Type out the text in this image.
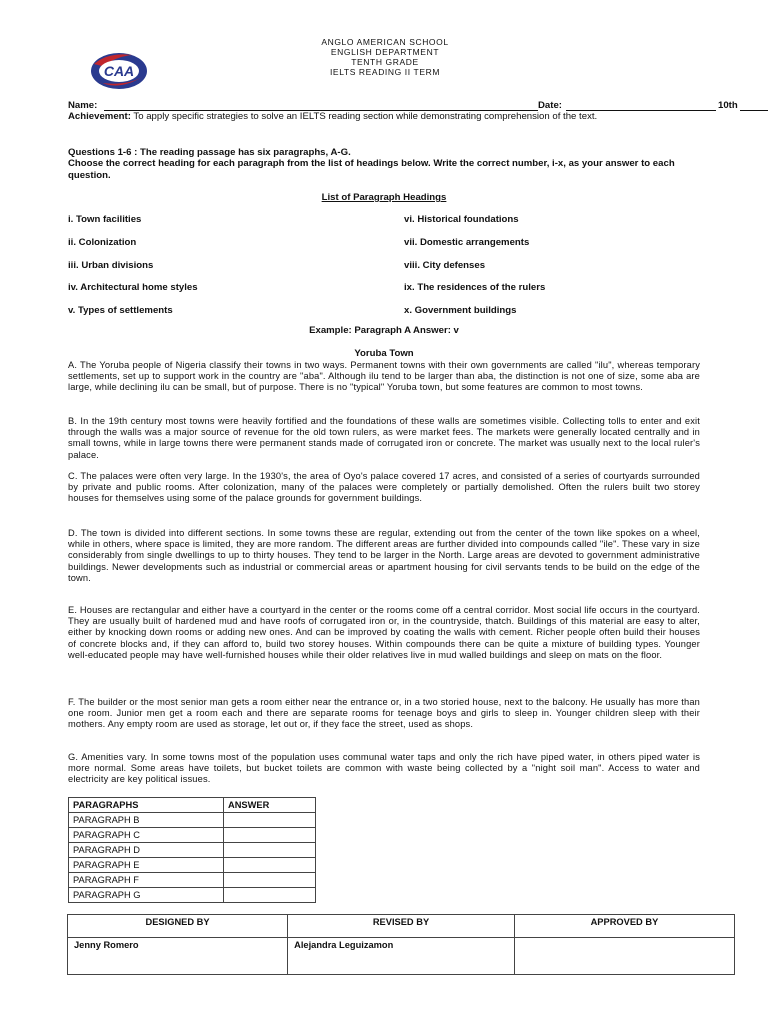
CAA
ANGLO AMERICAN SCHOOL
ENGLISH DEPARTMENT
TENTH GRADE
IELTS READING II TERM
Name:	Date:	10th
Achievement: To apply specific strategies to solve an IELTS reading section while demonstrating comprehension of the text.
Questions 1-6 : The reading passage has six paragraphs, A-G.
Choose the correct heading for each paragraph from the list of headings below. Write the correct number, i-x, as your answer to each question.
List of Paragraph Headings
i. Town facilities
ii. Colonization
iii. Urban divisions
iv. Architectural home styles
v. Types of settlements
vi. Historical foundations
vii. Domestic arrangements
viii. City defenses
ix. The residences of the rulers
x. Government buildings
Example: Paragraph A Answer: v
Yoruba Town
A. The Yoruba people of Nigeria classify their towns in two ways. Permanent towns with their own governments are called "ilu", whereas temporary settlements, set up to support work in the country are "aba". Although ilu tend to be larger than aba, the distinction is not one of size, some aba are large, while declining ilu can be small, but of purpose. There is no "typical" Yoruba town, but some features are common to most towns.
B. In the 19th century most towns were heavily fortified and the foundations of these walls are sometimes visible. Collecting tolls to enter and exit through the walls was a major source of revenue for the old town rulers, as were market fees. The markets were generally located centrally and in small towns, while in large towns there were permanent stands made of corrugated iron or concrete. The market was usually next to the local ruler's palace.
C. The palaces were often very large. In the 1930's, the area of Oyo's palace covered 17 acres, and consisted of a series of courtyards surrounded by private and public rooms. After colonization, many of the palaces were completely or partially demolished. Often the rulers built two storey houses for themselves using some of the palace grounds for government buildings.
D. The town is divided into different sections. In some towns these are regular, extending out from the center of the town like spokes on a wheel, while in others, where space is limited, they are more random. The different areas are further divided into compounds called "ile". These vary in size considerably from single dwellings to up to thirty houses. They tend to be larger in the North. Large areas are devoted to government administrative buildings. Newer developments such as industrial or commercial areas or apartment housing for civil servants tends to be build on the edge of the town.
E. Houses are rectangular and either have a courtyard in the center or the rooms come off a central corridor. Most social life occurs in the courtyard. They are usually built of hardened mud and have roofs of corrugated iron or, in the countryside, thatch. Buildings of this material are easy to alter, either by knocking down rooms or adding new ones. And can be improved by coating the walls with cement. Richer people often build their houses of concrete blocks and, if they can afford to, build two storey houses. Within compounds there can be quite a mixture of building types. Younger well-educated people may have well-furnished houses while their older relatives live in mud walled buildings and sleep on mats on the floor.
F. The builder or the most senior man gets a room either near the entrance or, in a two storied house, next to the balcony. He usually has more than one room. Junior men get a room each and there are separate rooms for teenage boys and girls to sleep in. Younger children sleep with their mothers. Any empty room are used as storage, let out or, if they face the street, used as shops.
G. Amenities vary. In some towns most of the population uses communal water taps and only the rich have piped water, in others piped water is more normal. Some areas have toilets, but bucket toilets are common with waste being collected by a "night soil man". Access to water and electricity are key political issues.
PARAGRAPHS	ANSWER
PARAGRAPH B	
PARAGRAPH C	
PARAGRAPH D	
PARAGRAPH E	
PARAGRAPH F	
PARAGRAPH G	
DESIGNED BY	REVISED BY	APPROVED BY
Jenny Romero	Alejandra Leguizamon	
